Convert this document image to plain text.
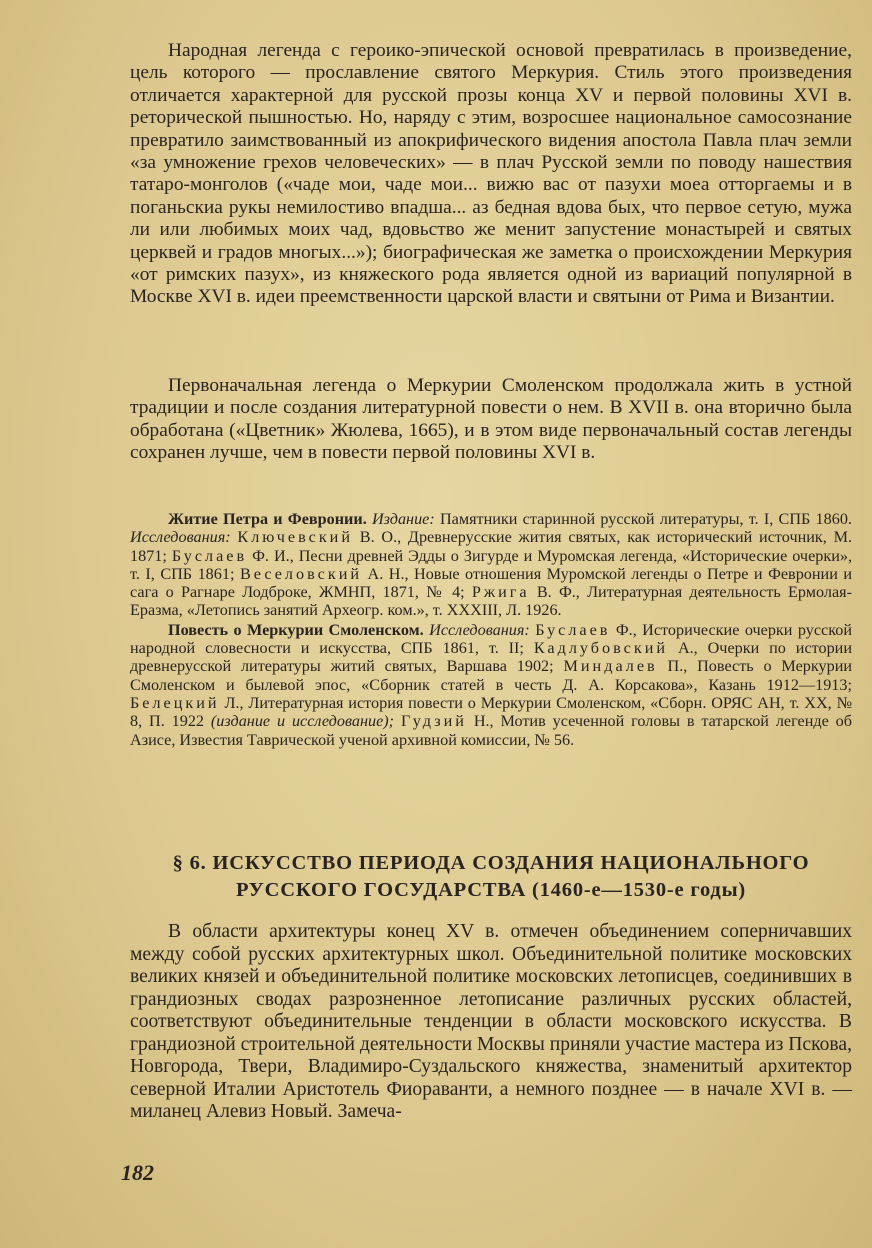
Народная легенда с героико-эпической основой превратилась в произведение, цель которого — прославление святого Меркурия. Стиль этого произведения отличается характерной для русской прозы конца XV и первой половины XVI в. реторической пышностью. Но, наряду с этим, возросшее национальное самосознание превратило заимствованный из апокрифического видения апостола Павла плач земли «за умножение грехов человеческих» — в плач Русской земли по поводу нашествия татаро-монголов («чаде мои, чаде мои... вижю вас от пазухи моеа отторгаемы и в поганьскиа рукы немилостиво впадша... аз бедная вдова бых, что первое сетую, мужа ли или любимых моих чад, вдовьство же менит запустение монастырей и святых церквей и градов многых...»); биографическая же заметка о происхождении Меркурия «от римских пазух», из княжеского рода является одной из вариаций популярной в Москве XVI в. идеи преемственности царской власти и святыни от Рима и Византии.

Первоначальная легенда о Меркурии Смоленском продолжала жить в устной традиции и после создания литературной повести о нем. В XVII в. она вторично была обработана («Цветник» Жюлева, 1665), и в этом виде первоначальный состав легенды сохранен лучше, чем в повести первой половины XVI в.

Житие Петра и Февронии. Издание: Памятники старинной русской литературы, т. I, СПБ 1860. Исследования: Ключевский В. О., Древнерусские жития святых, как исторический источник, М. 1871; Буслаев Ф. И., Песни древней Эдды о Зигурде и Муромская легенда, «Исторические очерки», т. I, СПБ 1861; Веселовский А. Н., Новые отношения Муромской легенды о Петре и Февронии и сага о Рагнаре Лодброке, ЖМНП, 1871, № 4; Ржига В. Ф., Литературная деятельность Ермолая-Еразма, «Летопись занятий Археогр. ком.», т. XXXIII, Л. 1926.

Повесть о Меркурии Смоленском. Исследования: Буслаев Ф., Исторические очерки русской народной словесности и искусства, СПБ 1861, т. II; Кадлубовский А., Очерки по истории древнерусской литературы житий святых, Варшава 1902; Миндалев П., Повесть о Меркурии Смоленском и былевой эпос, «Сборник статей в честь Д. А. Корсакова», Казань 1912—1913; Белецкий Л., Литературная история повести о Меркурии Смоленском, «Сборн. ОРЯС АН, т. XX, № 8, П. 1922 (издание и исследование); Гудзий Н., Мотив усеченной головы в татарской легенде об Азисе, Известия Таврической ученой архивной комиссии, № 56.

§ 6. ИСКУССТВО ПЕРИОДА СОЗДАНИЯ НАЦИОНАЛЬНОГО
РУССКОГО ГОСУДАРСТВА (1460-е—1530-е годы)

В области архитектуры конец XV в. отмечен объединением соперничавших между собой русских архитектурных школ. Объединительной политике московских великих князей и объединительной политике московских летописцев, соединивших в грандиозных сводах разрозненное летописание различных русских областей, соответствуют объединительные тенденции в области московского искусства. В грандиозной строительной деятельности Москвы приняли участие мастера из Пскова, Новгорода, Твери, Владимиро-Суздальского княжества, знаменитый архитектор северной Италии Аристотель Фиораванти, а немного позднее — в начале XVI в. — миланец Алевиз Новый. Замеча-

182
